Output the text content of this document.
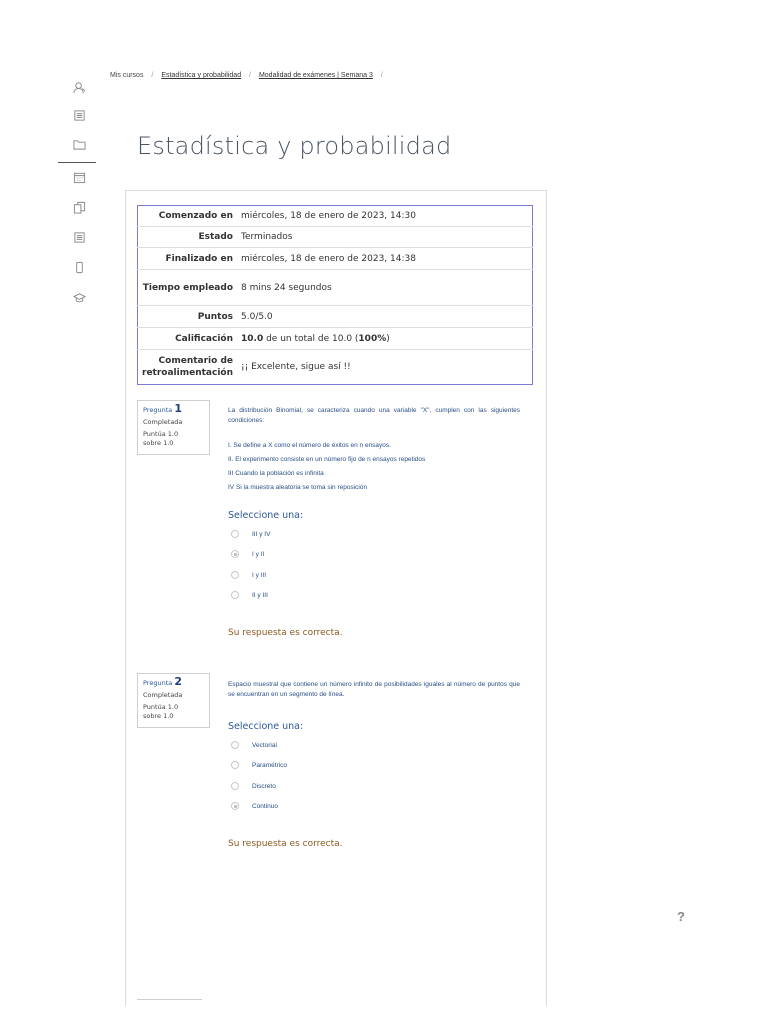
Mis cursos / Estadística y probabilidad / Modalidad de exámenes | Semana 3 /
Estadística y probabilidad
Comenzado en	miércoles, 18 de enero de 2023, 14:30
Estado	Terminados
Finalizado en	miércoles, 18 de enero de 2023, 14:38
Tiempo empleado	8 mins 24 segundos
Puntos	5.0/5.0
Calificación	10.0 de un total de 10.0 (100%)
Comentario de retroalimentación	¡¡ Excelente, sigue así !!
Pregunta 1
Completada
Puntúa 1.0 sobre 1.0

La distribución Binomial, se caracteriza cuando una variable "X", cumplen con las siguientes condiciones:

I. Se define a X como el número de éxitos en n ensayos.
II. El experimento consiste en un número fijo de n ensayos repetidos
III Cuando la población es infinita
IV Si la muestra aleatoria se toma sin reposición
Seleccione una:
III y IV
I y II
I y III
II y III
Su respuesta es correcta.
Pregunta 2
Completada
Puntúa 1.0 sobre 1.0

Espacio muestral que contiene un número infinito de posibilidades iguales al número de puntos que se encuentran en un segmento de línea.

Seleccione una:
Vectorial
Paramétrico
Discreto
Continuo
Su respuesta es correcta.
?
